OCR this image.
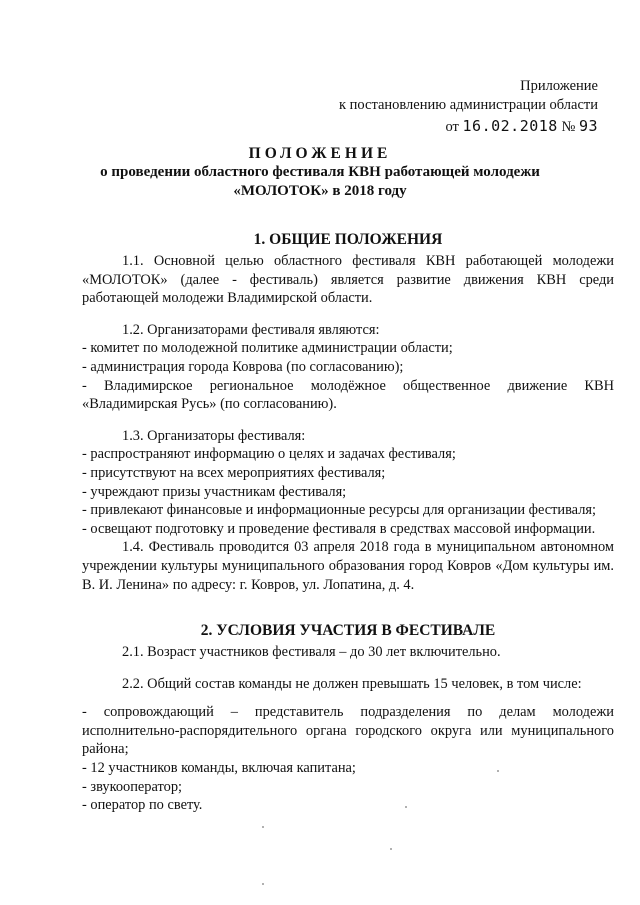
Приложение
к постановлению администрации области
от 16.02.2018 № 93
ПОЛОЖЕНИЕ
о проведении областного фестиваля КВН работающей молодежи
«МОЛОТОК» в 2018 году
1. ОБЩИЕ ПОЛОЖЕНИЯ

1.1. Основной целью областного фестиваля КВН работающей молодежи «МОЛОТОК» (далее - фестиваль) является развитие движения КВН среди работающей молодежи Владимирской области.

1.2. Организаторами фестиваля являются:

- комитет по молодежной политике администрации области;
- администрация города Коврова (по согласованию);
- Владимирское региональное молодёжное общественное движение КВН «Владимирская Русь» (по согласованию).

1.3. Организаторы фестиваля:

- распространяют информацию о целях и задачах фестиваля;
- присутствуют на всех мероприятиях фестиваля;
- учреждают призы участникам фестиваля;
- привлекают финансовые и информационные ресурсы для организации фестиваля;
- освещают подготовку и проведение фестиваля в средствах массовой информации.

1.4. Фестиваль проводится 03 апреля 2018 года в муниципальном автономном учреждении культуры муниципального образования город Ковров «Дом культуры им. В. И. Ленина» по адресу: г. Ковров, ул. Лопатина, д. 4.

2. УСЛОВИЯ УЧАСТИЯ В ФЕСТИВАЛЕ

2.1. Возраст участников фестиваля – до 30 лет включительно.

2.2. Общий состав команды не должен превышать 15 человек, в том числе:

- сопровождающий – представитель подразделения по делам молодежи исполнительно-распорядительного органа городского округа или муниципального района;
- 12 участников команды, включая капитана;
- звукооператор;
- оператор по свету.
